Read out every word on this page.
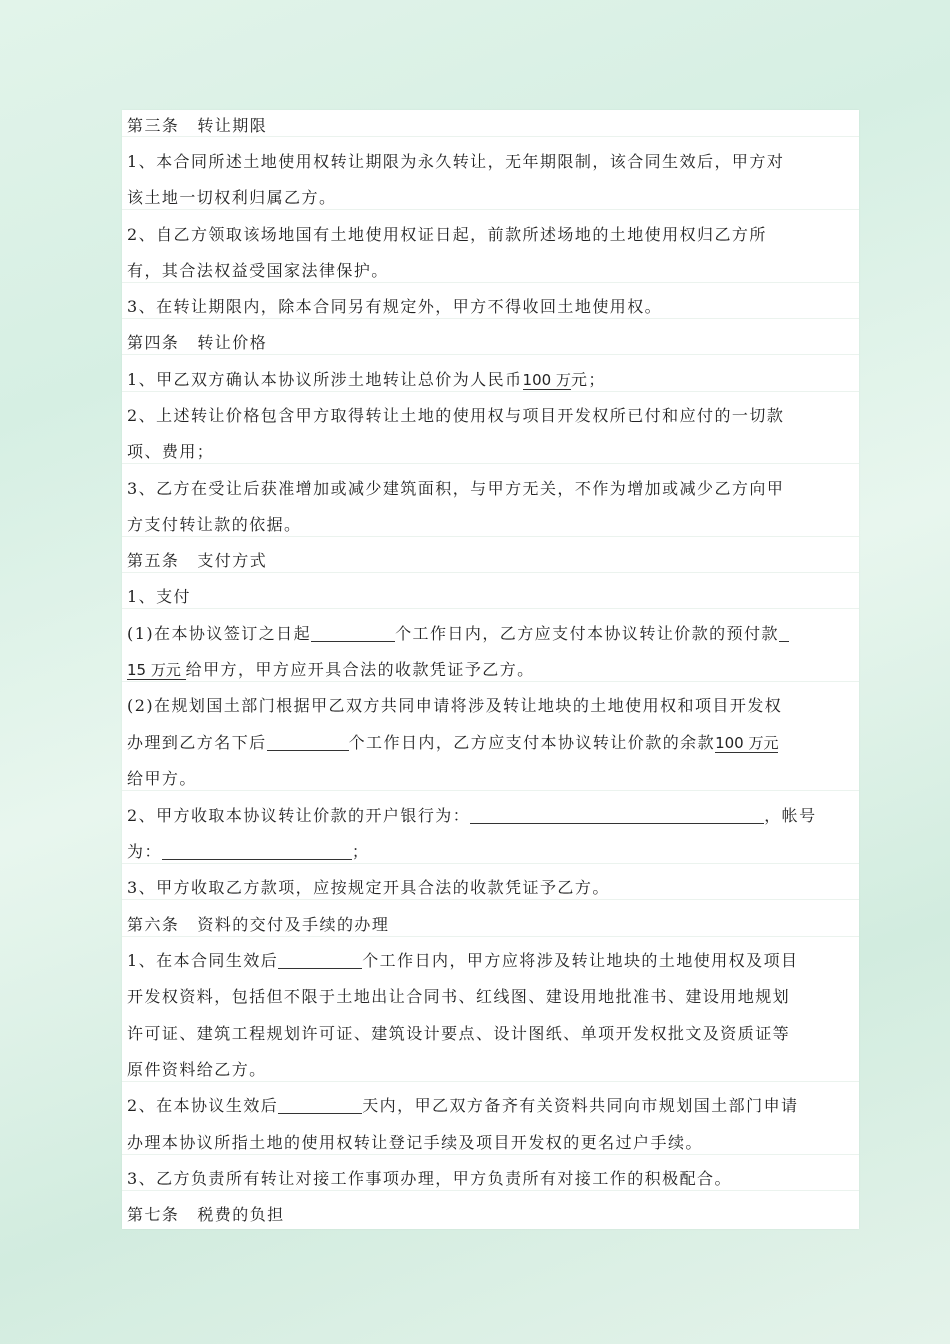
第三条 转让期限
1、本合同所述土地使用权转让期限为永久转让，无年期限制，该合同生效后，甲方对
该土地一切权利归属乙方。
2、自乙方领取该场地国有土地使用权证日起，前款所述场地的土地使用权归乙方所
有，其合法权益受国家法律保护。
3、在转让期限内，除本合同另有规定外，甲方不得收回土地使用权。
第四条 转让价格
1、甲乙双方确认本协议所涉土地转让总价为人民币100 万元；
2、上述转让价格包含甲方取得转让土地的使用权与项目开发权所已付和应付的一切款
项、费用；
3、乙方在受让后获准增加或减少建筑面积，与甲方无关，不作为增加或减少乙方向甲
方支付转让款的依据。
第五条 支付方式
1、支付
(1)在本协议签订之日起	个工作日内，乙方应支付本协议转让价款的预付款
15 万元 给甲方，甲方应开具合法的收款凭证予乙方。
(2)在规划国土部门根据甲乙双方共同申请将涉及转让地块的土地使用权和项目开发权
办理到乙方名下后	个工作日内，乙方应支付本协议转让价款的余款100 万元
给甲方。
2、甲方收取本协议转让价款的开户银行为：	，帐号
为：	；
3、甲方收取乙方款项，应按规定开具合法的收款凭证予乙方。
第六条 资料的交付及手续的办理
1、在本合同生效后	个工作日内，甲方应将涉及转让地块的土地使用权及项目
开发权资料，包括但不限于土地出让合同书、红线图、建设用地批准书、建设用地规划
许可证、建筑工程规划许可证、建筑设计要点、设计图纸、单项开发权批文及资质证等
原件资料给乙方。
2、在本协议生效后	天内，甲乙双方备齐有关资料共同向市规划国土部门申请
办理本协议所指土地的使用权转让登记手续及项目开发权的更名过户手续。
3、乙方负责所有转让对接工作事项办理，甲方负责所有对接工作的积极配合。
第七条 税费的负担
